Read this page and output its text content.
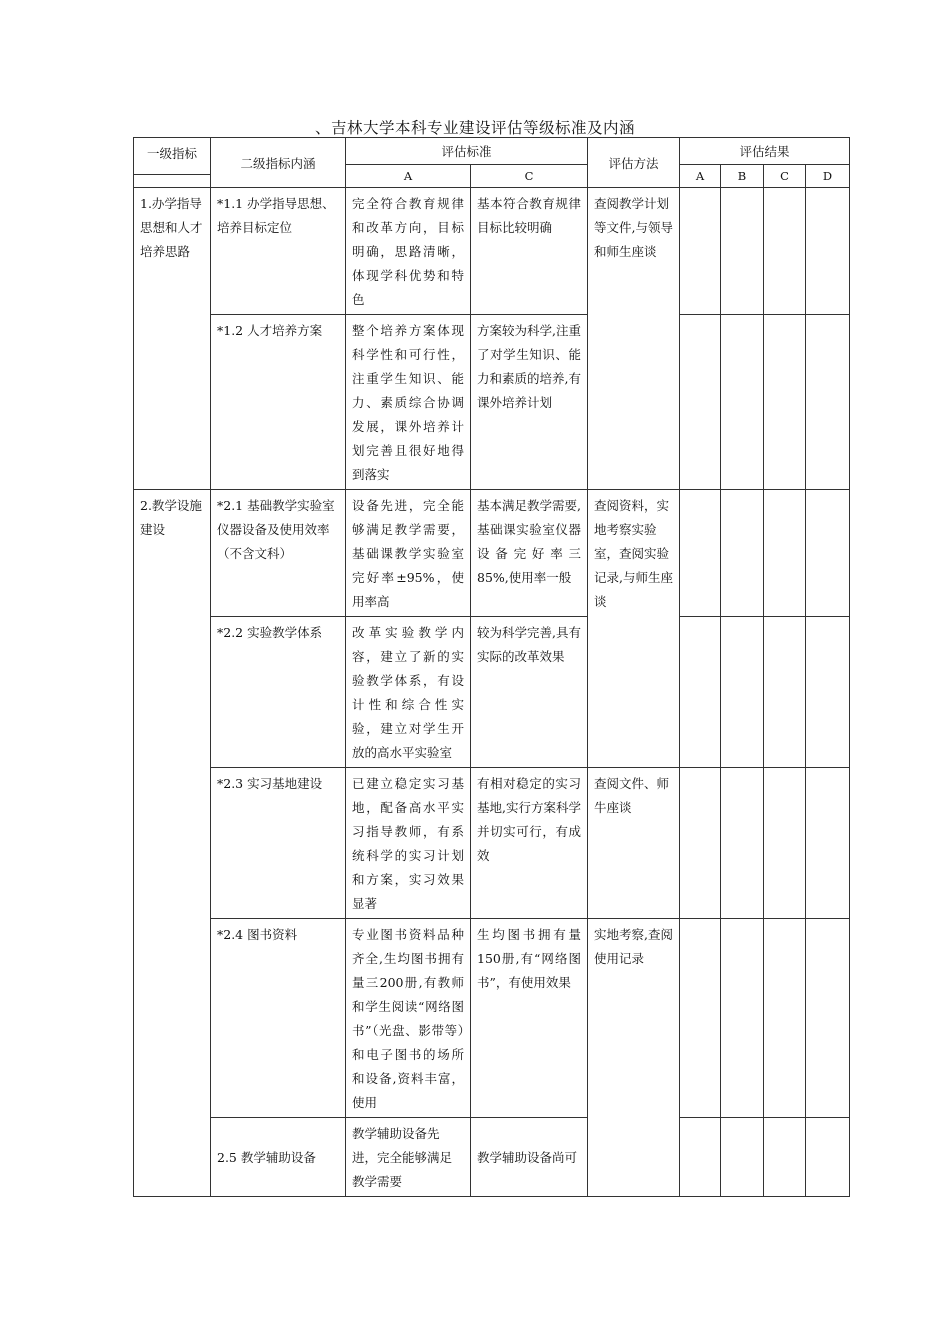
、吉林大学本科专业建设评估等级标准及内涵
一级指标	二级指标内涵	评估标准		评估方法	评估结果			
		A	C		A	B	C	D

1.办学指导思想和人才培养思路	*1.1 办学指导思想、培养目标定位	完全符合教育规律和改革方向，目标明确，思路清晰，体现学科优势和特色	基本符合教育规律目标比较明确	查阅教学计划等文件,与领导和师生座谈				
	*1.2 人才培养方案	整个培养方案体现科学性和可行性，注重学生知识、能力、素质综合协调发展，课外培养计划完善且很好地得到落实	方案较为科学,注重了对学生知识、能力和素质的培养,有课外培养计划					
2.教学设施建设	*2.1 基础教学实验室仪器设备及使用效率（不含文科）	设备先进，完全能够满足教学需要，基础课教学实验室完好率±95%，使用率高	基本满足教学需要,基础课实验室仪器设备完好率三85%,使用率一般	查阅资料，实地考察实验室，查阅实验记录,与师生座谈				
	*2.2 实验教学体系	改革实验教学内容，建立了新的实验教学体系，有设计性和综合性实验，建立对学生开放的高水平实验室	较为科学完善,具有实际的改革效果					
	*2.3 实习基地建设	已建立稳定实习基地，配备高水平实习指导教师，有系统科学的实习计划和方案，实习效果显著	有相对稳定的实习基地,实行方案科学并切实可行，有成效	查阅文件、师牛座谈				
	*2.4 图书资料	专业图书资料品种齐全,生均图书拥有量三200册,有教师和学生阅读“网络图书”（光盘、影带等）和电子图书的场所和设备,资料丰富，使用	生均图书拥有量150册,有“网络图书”，有使用效果	实地考察,查阅使用记录				
	2.5 教学辅助设备	教学辅助设备先进，完全能够满足教学需要	教学辅助设备尚可					
